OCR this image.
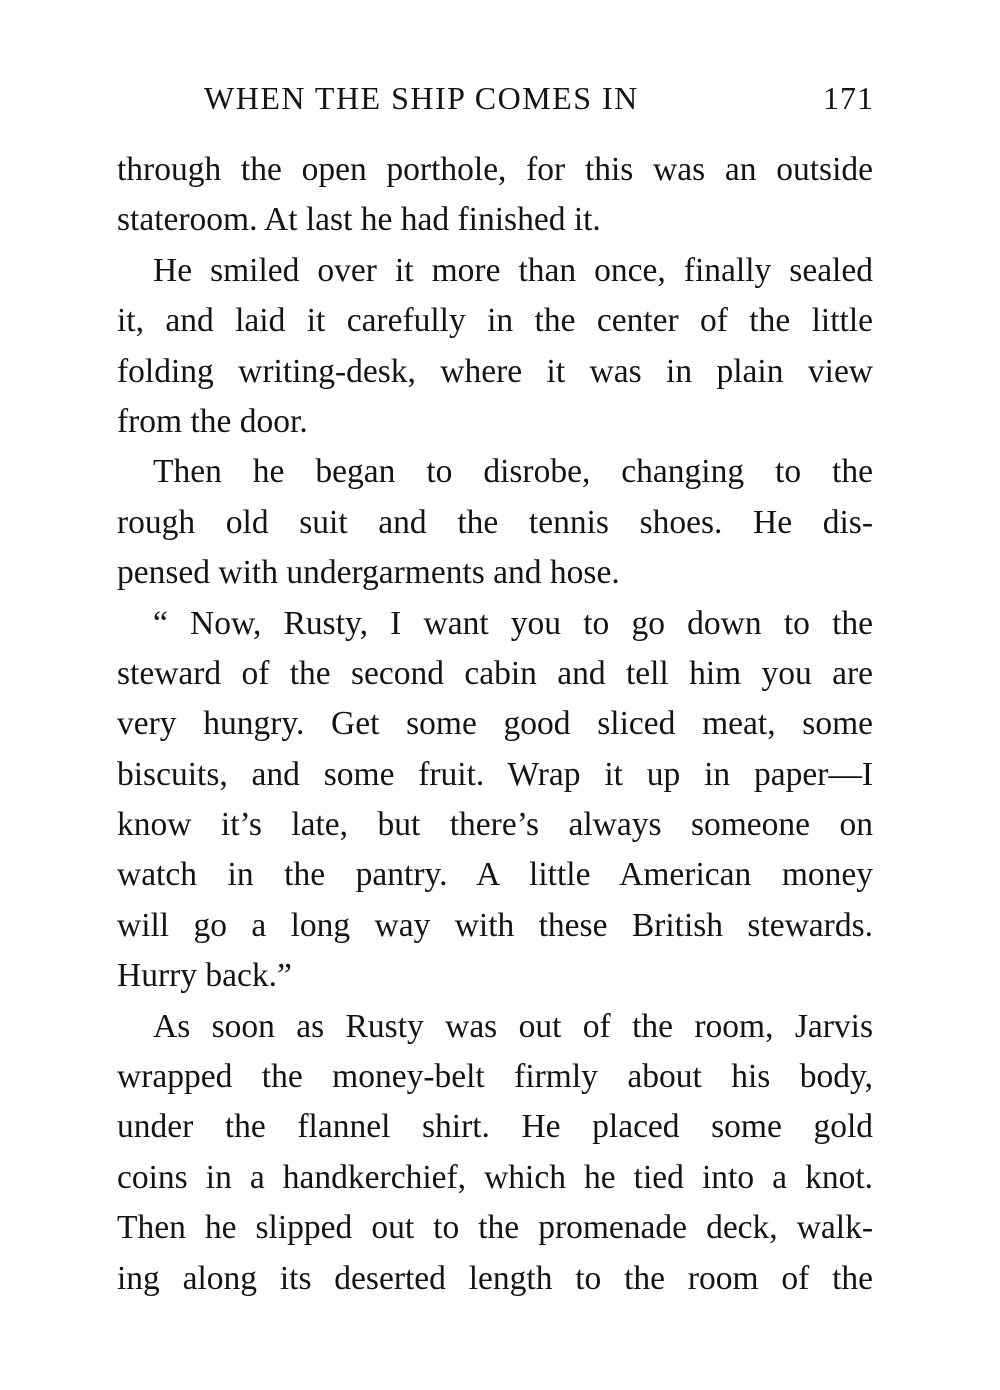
WHEN THE SHIP COMES IN	171
through the open porthole, for this was an outside
stateroom. At last he had finished it.
He smiled over it more than once, finally sealed
it, and laid it carefully in the center of the little
folding writing-desk, where it was in plain view
from the door.
Then he began to disrobe, changing to the
rough old suit and the tennis shoes. He dis-
pensed with undergarments and hose.
“ Now, Rusty, I want you to go down to the
steward of the second cabin and tell him you are
very hungry. Get some good sliced meat, some
biscuits, and some fruit. Wrap it up in paper—I
know it’s late, but there’s always someone on
watch in the pantry. A little American money
will go a long way with these British stewards.
Hurry back.”
As soon as Rusty was out of the room, Jarvis
wrapped the money-belt firmly about his body,
under the flannel shirt. He placed some gold
coins in a handkerchief, which he tied into a knot.
Then he slipped out to the promenade deck, walk-
ing along its deserted length to the room of the
